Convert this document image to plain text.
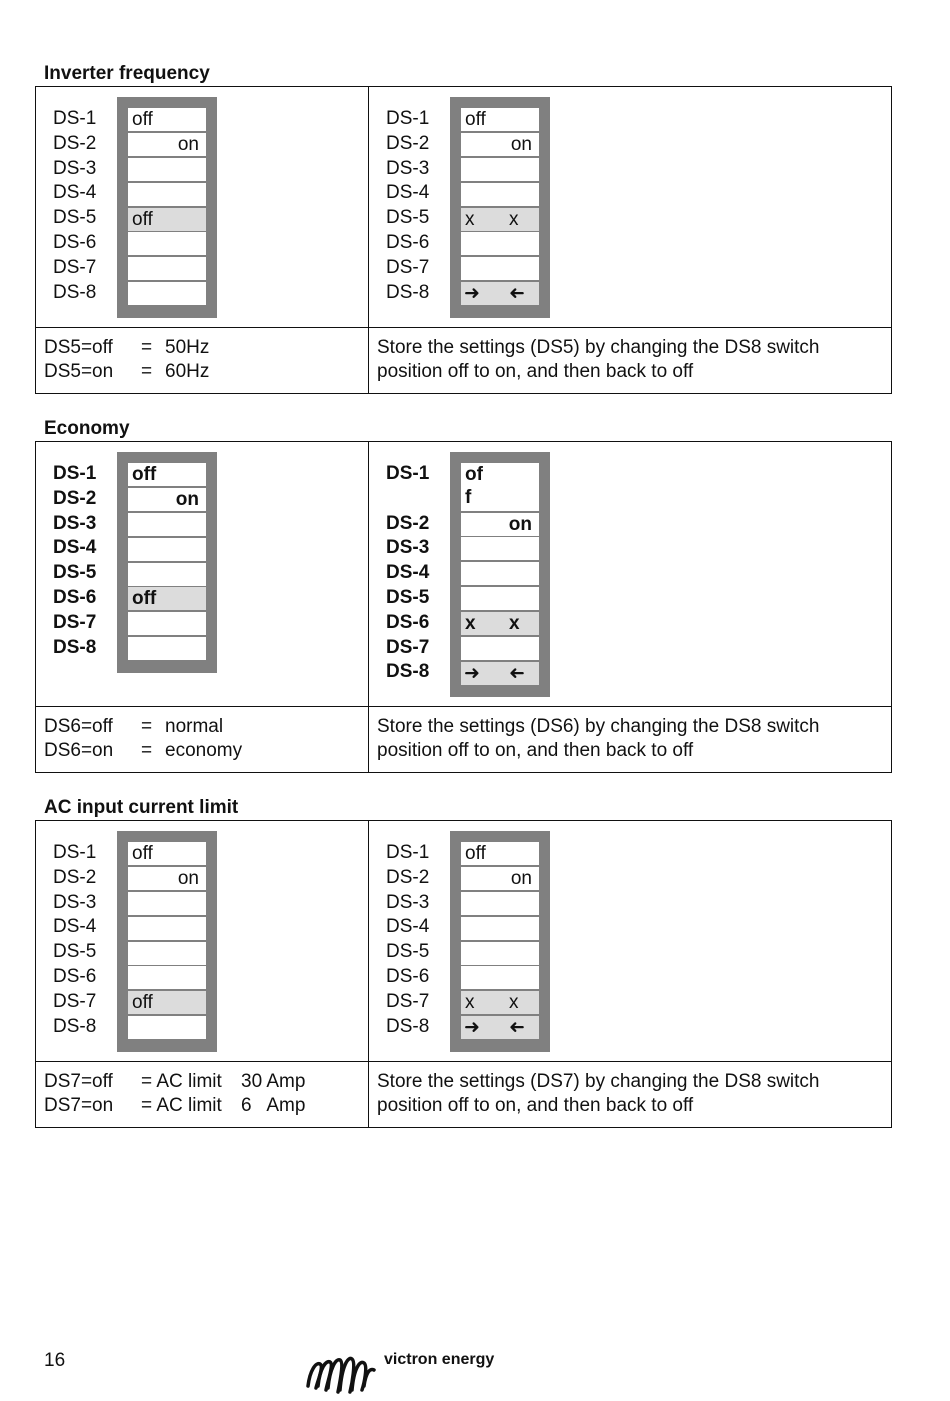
Inverter frequency
DS-1
DS-2
DS-3
DS-4
DS-5
DS-6
DS-7
DS-8
off
on
off
DS-1
DS-2
DS-3
DS-4
DS-5
DS-6
DS-7
DS-8
off
on
x x
➜ ➜
DS5=off = 50Hz
DS5=on = 60Hz
Store the settings (DS5) by changing the DS8 switch
position off to on, and then back to off
Economy
DS-1
DS-2
DS-3
DS-4
DS-5
DS-6
DS-7
DS-8
off
on
off
DS-1
DS-2
DS-3
DS-4
DS-5
DS-6
DS-7
DS-8
of
f
on
x x
➜ ➜
DS6=off = normal
DS6=on = economy
Store the settings (DS6) by changing the DS8 switch
position off to on, and then back to off
AC input current limit
DS-1
DS-2
DS-3
DS-4
DS-5
DS-6
DS-7
DS-8
off
on
off
DS-1
DS-2
DS-3
DS-4
DS-5
DS-6
DS-7
DS-8
off
on
x x
➜ ➜
DS7=off = AC limit 30 Amp
DS7=on = AC limit 6   Amp
Store the settings (DS7) by changing the DS8 switch
position off to on, and then back to off
16	victron energy
